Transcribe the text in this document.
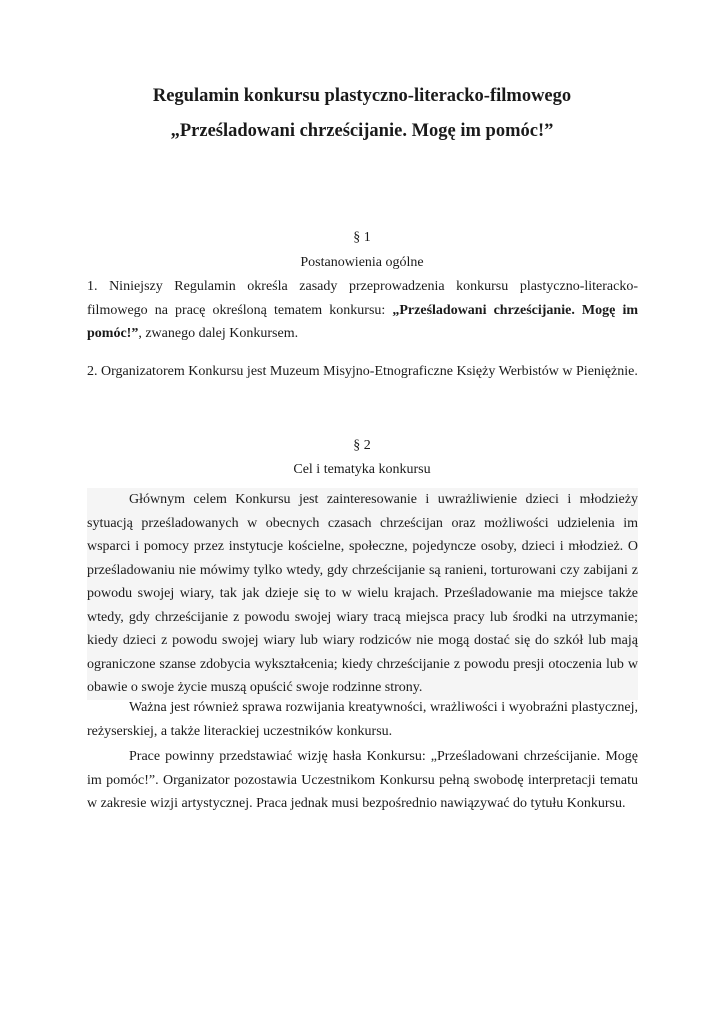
Regulamin konkursu plastyczno-literacko-filmowego
„Prześladowani chrześcijanie. Mogę im pomóc!”
§ 1
Postanowienia ogólne
1. Niniejszy Regulamin określa zasady przeprowadzenia konkursu plastyczno-literacko-filmowego na pracę określoną tematem konkursu: „Prześladowani chrześcijanie. Mogę im pomóc!”, zwanego dalej Konkursem.
2. Organizatorem Konkursu jest Muzeum Misyjno-Etnograficzne Księży Werbistów w Pieniężnie.
§ 2
Cel i tematyka konkursu
Głównym celem Konkursu jest zainteresowanie i uwrażliwienie dzieci i młodzieży sytuacją prześladowanych w obecnych czasach chrześcijan oraz możliwości udzielenia im wsparci i pomocy przez instytucje kościelne, społeczne, pojedyncze osoby, dzieci i młodzież. O prześladowaniu nie mówimy tylko wtedy, gdy chrześcijanie są ranieni, torturowani czy zabijani z powodu swojej wiary, tak jak dzieje się to w wielu krajach. Prześladowanie ma miejsce także wtedy, gdy chrześcijanie z powodu swojej wiary tracą miejsca pracy lub środki na utrzymanie; kiedy dzieci z powodu swojej wiary lub wiary rodziców nie mogą dostać się do szkół lub mają ograniczone szanse zdobycia wykształcenia; kiedy chrześcijanie z powodu presji otoczenia lub w obawie o swoje życie muszą opuścić swoje rodzinne strony.
Ważna jest również sprawa rozwijania kreatywności, wrażliwości i wyobraźni plastycznej, reżyserskiej, a także literackiej uczestników konkursu.
Prace powinny przedstawiać wizję hasła Konkursu: „Prześladowani chrześcijanie. Mogę im pomóc!”. Organizator pozostawia Uczestnikom Konkursu pełną swobodę interpretacji tematu w zakresie wizji artystycznej. Praca jednak musi bezpośrednio nawiązywać do tytułu Konkursu.
